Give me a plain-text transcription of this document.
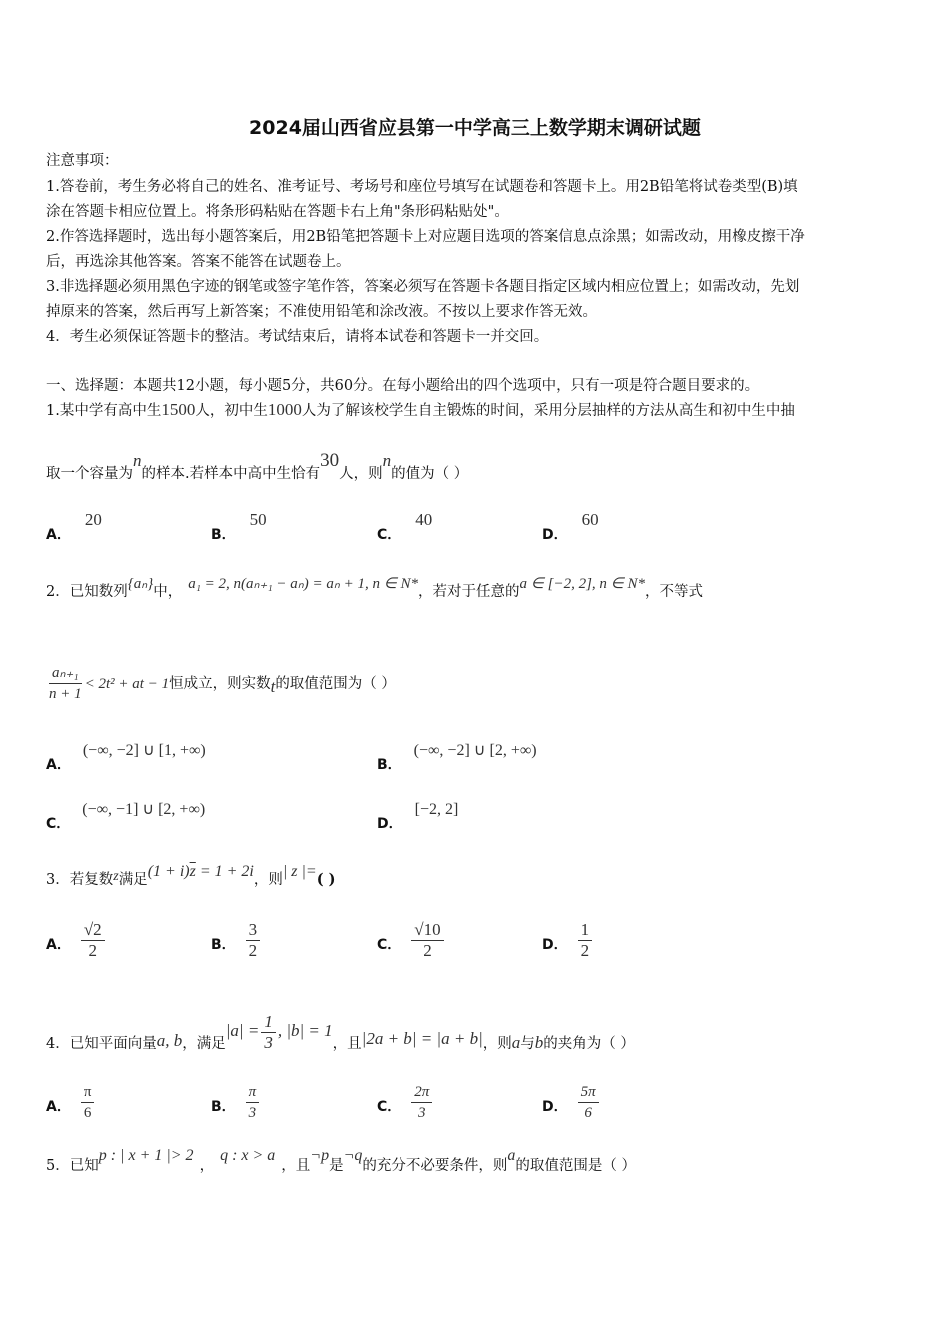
2024届山西省应县第一中学高三上数学期末调研试题
注意事项：
1.答卷前，考生务必将自己的姓名、准考证号、考场号和座位号填写在试题卷和答题卡上。用2B铅笔将试卷类型(B)填
涂在答题卡相应位置上。将条形码粘贴在答题卡右上角"条形码粘贴处"。
2.作答选择题时，选出每小题答案后，用2B铅笔把答题卡上对应题目选项的答案信息点涂黑；如需改动，用橡皮擦干净
后，再选涂其他答案。答案不能答在试题卷上。
3.非选择题必须用黑色字迹的钢笔或签字笔作答，答案必须写在答题卡各题目指定区域内相应位置上；如需改动，先划
掉原来的答案，然后再写上新答案；不准使用铅笔和涂改液。不按以上要求作答无效。
4．考生必须保证答题卡的整洁。考试结束后，请将本试卷和答题卡一并交回。
一、选择题：本题共12小题，每小题5分，共60分。在每小题给出的四个选项中，只有一项是符合题目要求的。
1.某中学有高中生1500人，初中生1000人为了解该校学生自主锻炼的时间，采用分层抽样的方法从高生和初中生中抽
取一个容量为n的样本.若样本中高中生恰有30人，则n的值为（ ）
A．20
B．50
C．40
D．60
2．已知数列{aₙ}中， a₁ = 2, n(aₙ₊₁ − aₙ) = aₙ + 1, n ∈ N*，若对于任意的a ∈ [−2, 2], n ∈ N*，不等式
$\frac{\text{aₙ₊₁}}{n + 1} < 2t^2$ + at − 1恒成立，则实数t的取值范围为（ ）
A．(−∞, −2] ∪ [1, +∞)
B．(−∞, −2] ∪ [2, +∞)
C．(−∞, −1] ∪ [2, +∞)
D．[−2, 2]
3．若复数z满足$(1 + i)\overline{z} = 1 + 2i$，则| z |=( )
A． $\frac{√2}{2}$	B． $\frac{3}{2}$	C． $\frac{√10}{2}$	D． $\frac{1}{2}$
4．已知平面向量a, b，满足$|a| = \frac{1}{3}$ , |b| = 1，且|2a + b| = |a + b|，则a与b的夹角为（ ）
A． $\frac{\pi}{6}$	B． $\frac{\pi}{3}$	C． $\frac{2\pi}{3}$	D． $\frac{5\pi}{6}$
5．已知p : | x + 1 |> 2，q : x > a，且¬p是¬q的充分不必要条件，则a的取值范围是（ ）
